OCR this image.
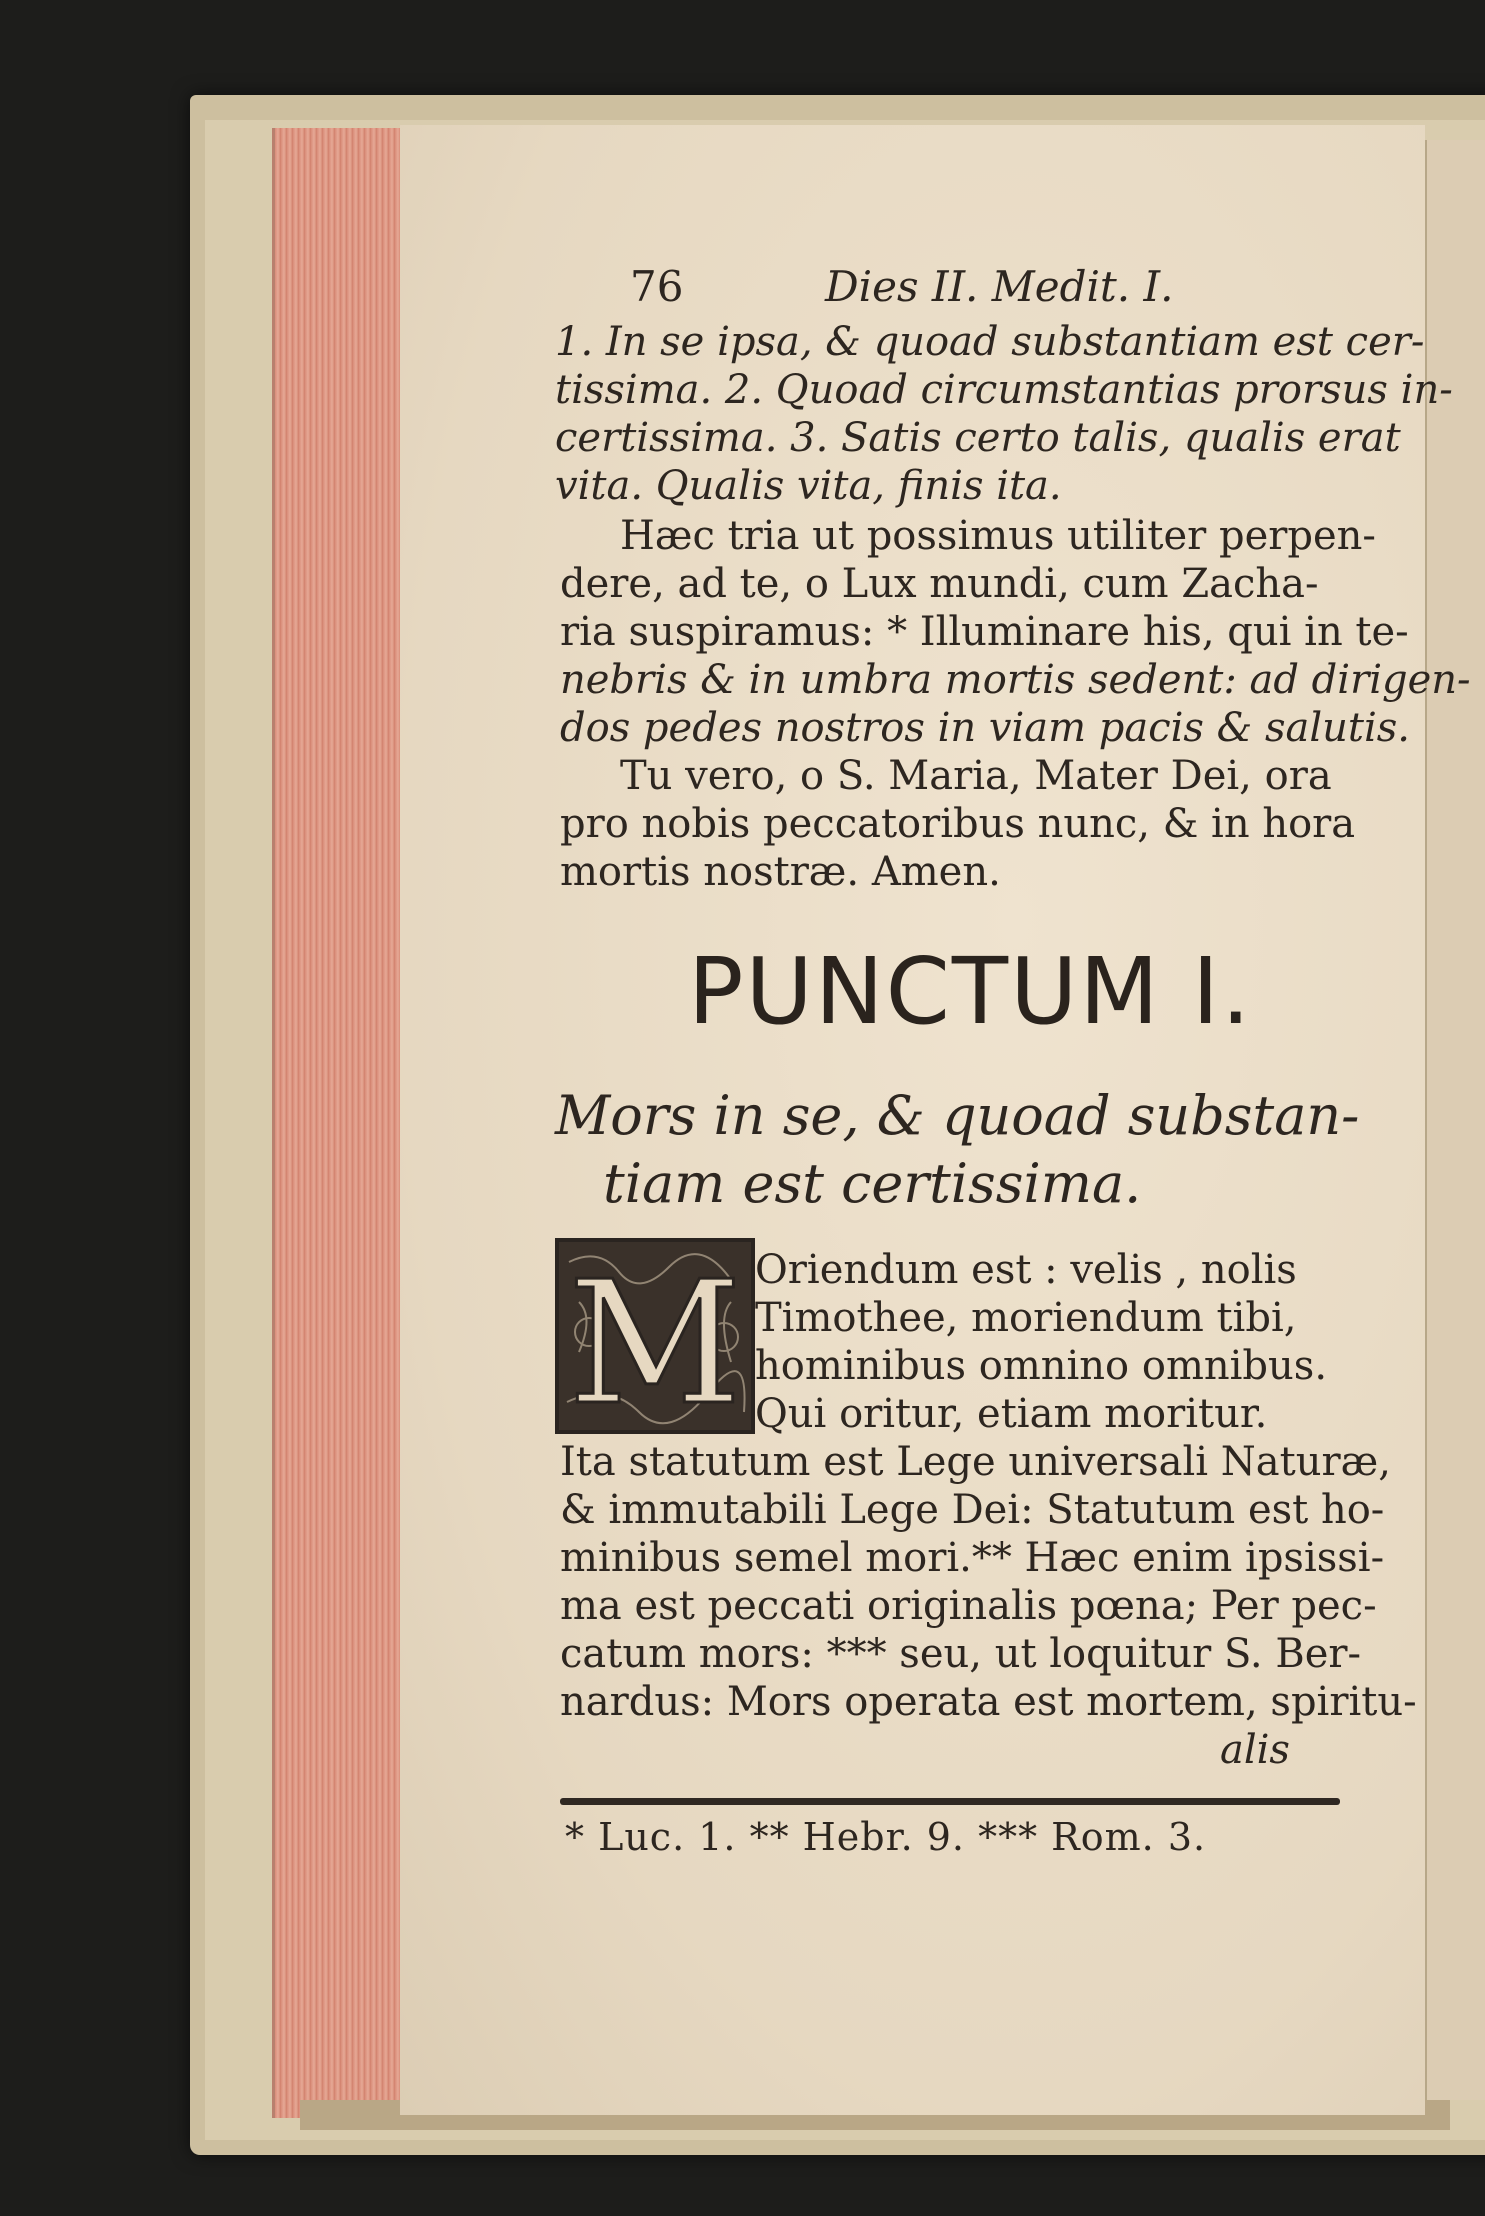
76	Dies II. Medit. I.
1. In se ipsa, & quoad substantiam est cer-
tissima. 2. Quoad circumstantias prorsus in-
certissima. 3. Satis certo talis, qualis erat
vita. Qualis vita, finis ita.
Hæc tria ut possimus utiliter perpen-
dere, ad te, o Lux mundi, cum Zacha-
ria suspiramus: * Illuminare his, qui in te-
nebris & in umbra mortis sedent: ad dirigen-
dos pedes nostros in viam pacis & salutis.
Tu vero, o S. Maria, Mater Dei, ora
pro nobis peccatoribus nunc, & in hora
mortis nostræ. Amen.
PUNCTUM I.
Mors in se, & quoad substan-
tiam est certissima.
M Oriendum est : velis , nolis
Timothee, moriendum tibi,
hominibus omnino omnibus.
Qui oritur, etiam moritur.
Ita statutum est Lege universali Naturæ,
& immutabili Lege Dei: Statutum est ho-
minibus semel mori.** Hæc enim ipsissi-
ma est peccati originalis pœna; Per pec-
catum mors: *** seu, ut loquitur S. Ber-
nardus: Mors operata est mortem, spiritu-
alis
* Luc. 1. ** Hebr. 9. *** Rom. 3.
